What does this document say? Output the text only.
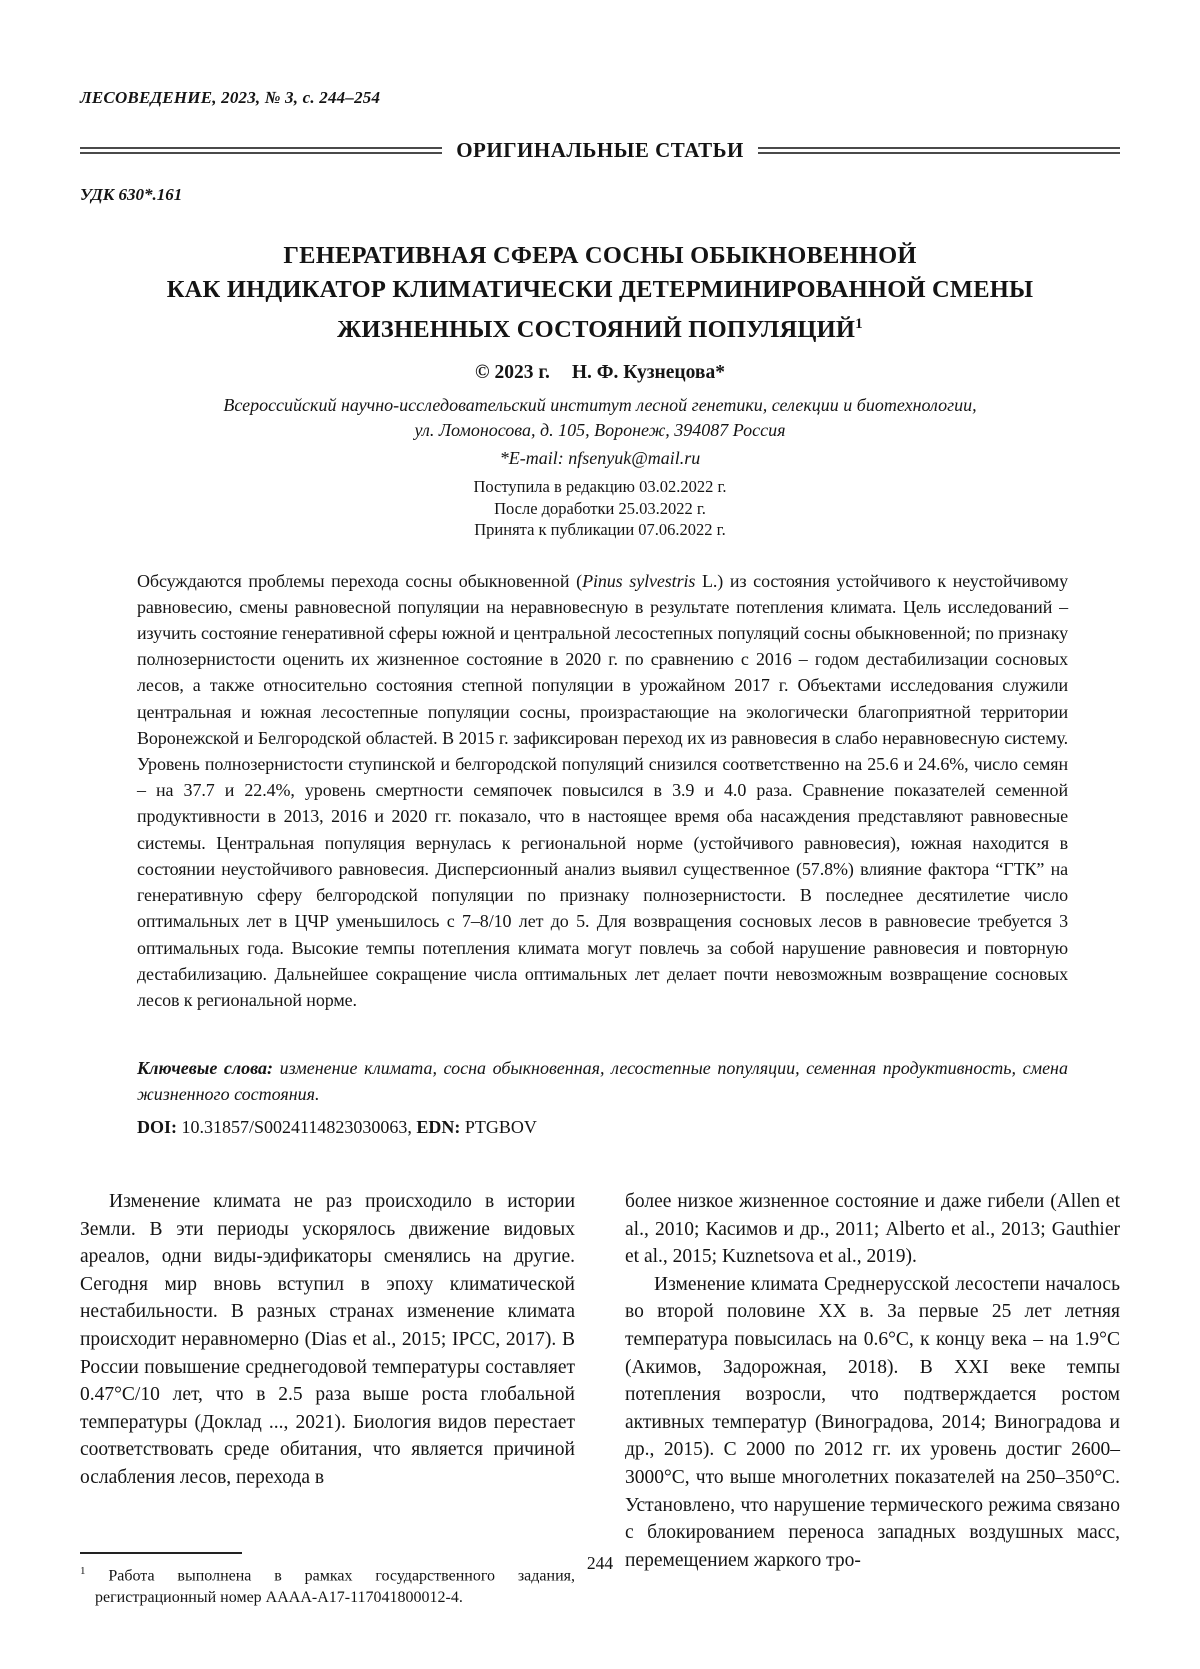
ЛЕСОВЕДЕНИЕ, 2023, № 3, с. 244–254
ОРИГИНАЛЬНЫЕ СТАТЬИ
УДК 630*.161
ГЕНЕРАТИВНАЯ СФЕРА СОСНЫ ОБЫКНОВЕННОЙ
КАК ИНДИКАТОР КЛИМАТИЧЕСКИ ДЕТЕРМИНИРОВАННОЙ СМЕНЫ
ЖИЗНЕННЫХ СОСТОЯНИЙ ПОПУЛЯЦИЙ$^1$
© 2023 г. Н. Ф. Кузнецова*
Всероссийский научно-исследовательский институт лесной генетики, селекции и биотехнологии,
ул. Ломоносова, д. 105, Воронеж, 394087 Россия
*E-mail: nfsenyuk@mail.ru
Поступила в редакцию 03.02.2022 г.
После доработки 25.03.2022 г.
Принята к публикации 07.06.2022 г.
Обсуждаются проблемы перехода сосны обыкновенной (Pinus sylvestris L.) из состояния устойчивого к неустойчивому равновесию, смены равновесной популяции на неравновесную в результате потепления климата. Цель исследований – изучить состояние генеративной сферы южной и центральной лесостепных популяций сосны обыкновенной; по признаку полнозернистости оценить их жизненное состояние в 2020 г. по сравнению с 2016 – годом дестабилизации сосновых лесов, а также относительно состояния степной популяции в урожайном 2017 г. Объектами исследования служили центральная и южная лесостепные популяции сосны, произрастающие на экологически благоприятной территории Воронежской и Белгородской областей. В 2015 г. зафиксирован переход их из равновесия в слабо неравновесную систему. Уровень полнозернистости ступинской и белгородской популяций снизился соответственно на 25.6 и 24.6%, число семян – на 37.7 и 22.4%, уровень смертности семяпочек повысился в 3.9 и 4.0 раза. Сравнение показателей семенной продуктивности в 2013, 2016 и 2020 гг. показало, что в настоящее время оба насаждения представляют равновесные системы. Центральная популяция вернулась к региональной норме (устойчивого равновесия), южная находится в состоянии неустойчивого равновесия. Дисперсионный анализ выявил существенное (57.8%) влияние фактора “ГТК” на генеративную сферу белгородской популяции по признаку полнозернистости. В последнее десятилетие число оптимальных лет в ЦЧР уменьшилось с 7–8/10 лет до 5. Для возвращения сосновых лесов в равновесие требуется 3 оптимальных года. Высокие темпы потепления климата могут повлечь за собой нарушение равновесия и повторную дестабилизацию. Дальнейшее сокращение числа оптимальных лет делает почти невозможным возвращение сосновых лесов к региональной норме.
Ключевые слова: изменение климата, сосна обыкновенная, лесостепные популяции, семенная продуктивность, смена жизненного состояния.
DOI: 10.31857/S0024114823030063, EDN: PTGBOV

Изменение климата не раз происходило в истории Земли. В эти периоды ускорялось движение видовых ареалов, одни виды-эдификаторы сменялись на другие. Сегодня мир вновь вступил в эпоху климатической нестабильности. В разных странах изменение климата происходит неравномерно (Dias et al., 2015; IPCC, 2017). В России повышение среднегодовой температуры составляет 0.47°C/10 лет, что в 2.5 раза выше роста глобальной температуры (Доклад ..., 2021). Биология видов перестает соответствовать среде обитания, что является причиной ослабления лесов, перехода в

$^1$ Работа выполнена в рамках государственного задания, регистрационный номер АААА-А17-117041800012-4.

более низкое жизненное состояние и даже гибели (Allen et al., 2010; Касимов и др., 2011; Alberto et al., 2013; Gauthier et al., 2015; Kuznetsova et al., 2019).

Изменение климата Среднерусской лесостепи началось во второй половине XX в. За первые 25 лет летняя температура повысилась на 0.6°C, к концу века – на 1.9°C (Акимов, Задорожная, 2018). В XXI веке темпы потепления возросли, что подтверждается ростом активных температур (Виноградова, 2014; Виноградова и др., 2015). С 2000 по 2012 гг. их уровень достиг 2600–3000°C, что выше многолетних показателей на 250–350°C. Установлено, что нарушение термического режима связано с блокированием переноса западных воздушных масс, перемещением жаркого тро-

244
